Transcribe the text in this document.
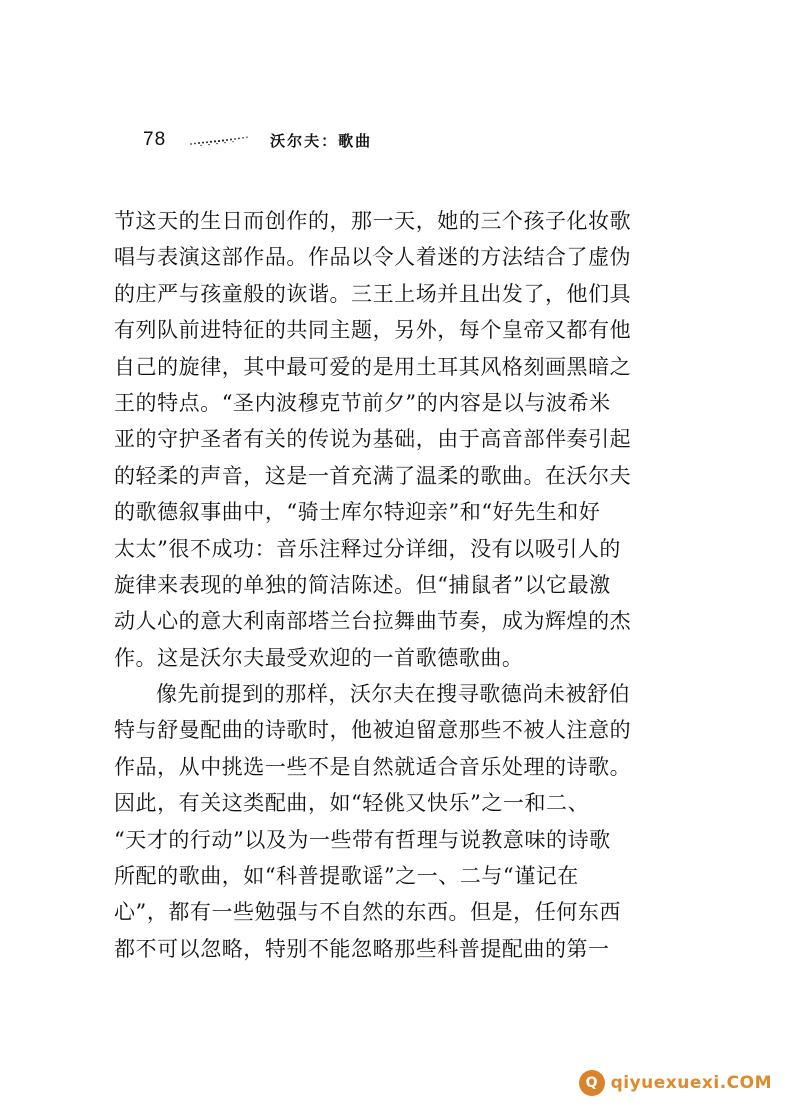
78	沃尔夫：歌曲
节这天的生日而创作的，那一天，她的三个孩子化妆歌
唱与表演这部作品。作品以令人着迷的方法结合了虚伪
的庄严与孩童般的诙谐。三王上场并且出发了，他们具
有列队前进特征的共同主题，另外，每个皇帝又都有他
自己的旋律，其中最可爱的是用土耳其风格刻画黑暗之
王的特点。“圣内波穆克节前夕”的内容是以与波希米
亚的守护圣者有关的传说为基础，由于高音部伴奏引起
的轻柔的声音，这是一首充满了温柔的歌曲。在沃尔夫
的歌德叙事曲中，“骑士库尔特迎亲”和“好先生和好
太太”很不成功：音乐注释过分详细，没有以吸引人的
旋律来表现的单独的简洁陈述。但“捕鼠者”以它最激
动人心的意大利南部塔兰台拉舞曲节奏，成为辉煌的杰
作。这是沃尔夫最受欢迎的一首歌德歌曲。
像先前提到的那样，沃尔夫在搜寻歌德尚未被舒伯
特与舒曼配曲的诗歌时，他被迫留意那些不被人注意的
作品，从中挑选一些不是自然就适合音乐处理的诗歌。
因此，有关这类配曲，如“轻佻又快乐”之一和二、
“天才的行动”以及为一些带有哲理与说教意味的诗歌
所配的歌曲，如“科普提歌谣”之一、二与“谨记在
心”，都有一些勉强与不自然的东西。但是，任何东西
都不可以忽略，特别不能忽略那些科普提配曲的第一
Q qiyuexuexi.COM
